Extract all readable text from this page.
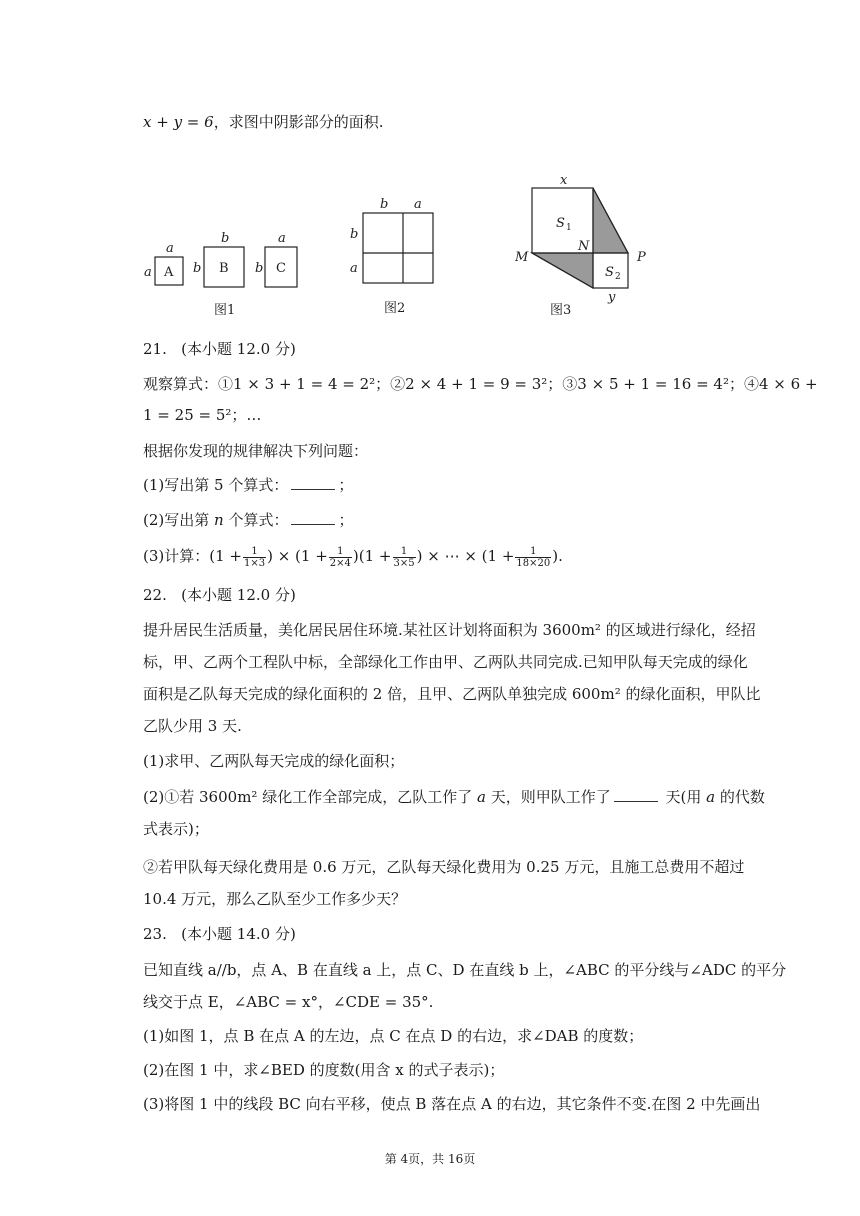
x + y = 6，求图中阴影部分的面积.
a
a A
b
b B
a
b C
b a
b
a
x
S 1
N
M	P
S 2
y
图1	图2	图3
21. (本小题 12.0 分)
观察算式：①1 × 3 + 1 = 4 = 2²；②2 × 4 + 1 = 9 = 3²；③3 × 5 + 1 = 16 = 4²；④4 × 6 +
1 = 25 = 5²；…
根据你发现的规律解决下列问题：
(1)写出第 5 个算式：	；
(2)写出第 n 个算式：	；
(3)计算：($1 + \frac{1}{1\times 3}$ ) × $(1 + \frac{1}{2\times 4} )(1 + \frac{1}{3\times 5}$ ) × ⋯ × ($1 + \frac{1}{18\times 20}$ ).
22. (本小题 12.0 分)
提升居民生活质量，美化居民居住环境.某社区计划将面积为 3600m² 的区域进行绿化，经招
标，甲、乙两个工程队中标，全部绿化工作由甲、乙两队共同完成.已知甲队每天完成的绿化
面积是乙队每天完成的绿化面积的 2 倍，且甲、乙两队单独完成 600m² 的绿化面积，甲队比
乙队少用 3 天.
(1)求甲、乙两队每天完成的绿化面积；
(2)①若 3600m² 绿化工作全部完成，乙队工作了 a 天，则甲队工作了	天(用 a 的代数
式表示)；
②若甲队每天绿化费用是 0.6 万元，乙队每天绿化费用为 0.25 万元，且施工总费用不超过
10.4 万元，那么乙队至少工作多少天？
23. (本小题 14.0 分)
已知直线 a//b，点 A、B 在直线 a 上，点 C、D 在直线 b 上，∠ABC 的平分线与∠ADC 的平分
线交于点 E，∠ABC = x°，∠CDE = 35°.
(1)如图 1，点 B 在点 A 的左边，点 C 在点 D 的右边，求∠DAB 的度数；
(2)在图 1 中，求∠BED 的度数(用含 x 的式子表示)；
(3)将图 1 中的线段 BC 向右平移，使点 B 落在点 A 的右边，其它条件不变.在图 2 中先画出
第 4页，共 16页
